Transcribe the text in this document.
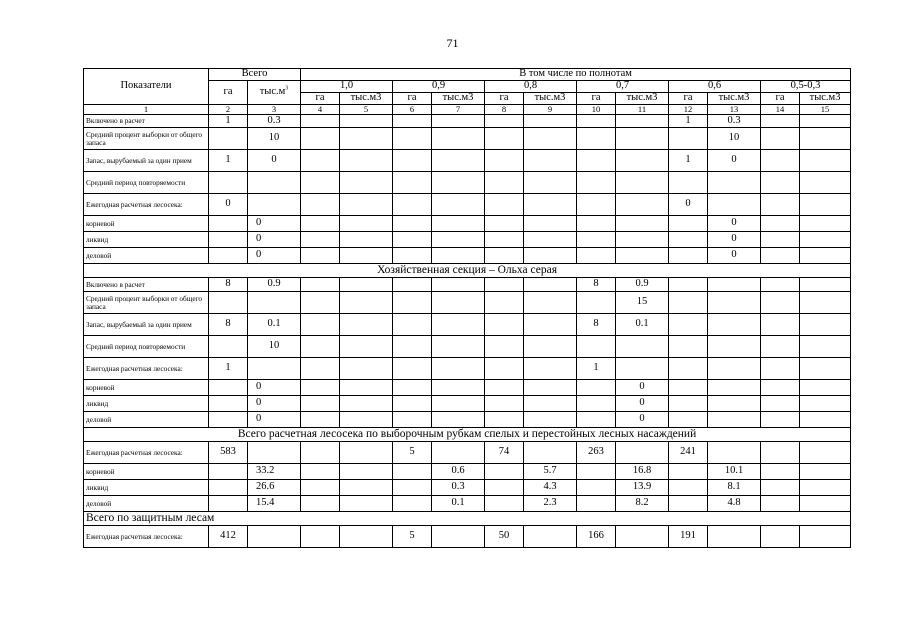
71
Показатели	Всего		В том числе по полнотам											
	га	$тыс.м^3$	1,0		0,9		0,8		0,7		0,6		0,5-0,3	
			га	тыс.м3	га	тыс.м3	га	тыс.м3	га	тыс.м3	га	тыс.м3	га	тыс.м3
1	2	3	4	5	6	7	8	9	10	11	12	13	14	15
Включено в расчет	1	0.3									1	0.3		
Средний процент выборки от общего запаса		10										10		
Запас, вырубаемый за один прием	1	0									1	0		
Средний период повторяемости														
Ежегодная расчетная лесосека:	0										0			
корневой		0										0		
ликвид		0										0		
деловой		0										0		
Хозяйственная секция – Ольха серая														
Включено в расчет	8	0.9							8	0.9				
Средний процент выборки от общего запаса										15				
Запас, вырубаемый за один прием	8	0.1							8	0.1				
Средний период повторяемости		10												
Ежегодная расчетная лесосека:	1								1					
корневой		0								0				
ликвид		0								0				
деловой		0								0				
Всего расчетная лесосека по выборочным рубкам спелых и перестойных лесных насаждений														
Ежегодная расчетная лесосека:	583				5		74		263		241			
корневой		33.2				0.6		5.7		16.8		10.1		
ликвид		26.6				0.3		4.3		13.9		8.1		
деловой		15.4				0.1		2.3		8.2		4.8		
Всего по защитным лесам														
Ежегодная расчетная лесосека:	412				5		50		166		191			
